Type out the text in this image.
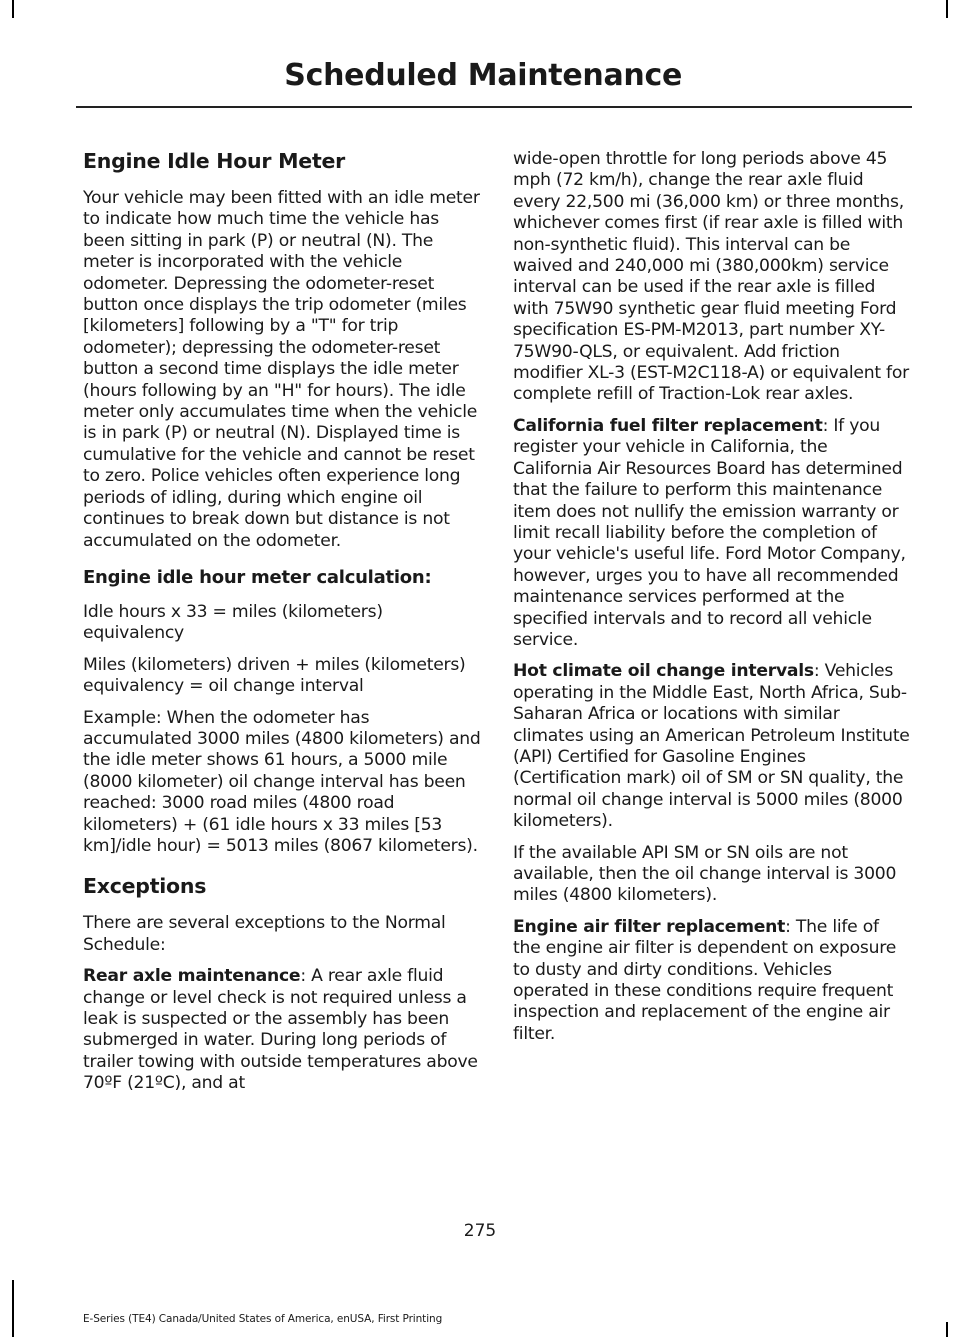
Scheduled Maintenance
Engine Idle Hour Meter

Your vehicle may been fitted with an idle meter to indicate how much time the vehicle has been sitting in park (P) or neutral (N). The meter is incorporated with the vehicle odometer. Depressing the odometer-reset button once displays the trip odometer (miles [kilometers] following by a "T" for trip odometer); depressing the odometer-reset button a second time displays the idle meter (hours following by an "H" for hours). The idle meter only accumulates time when the vehicle is in park (P) or neutral (N). Displayed time is cumulative for the vehicle and cannot be reset to zero. Police vehicles often experience long periods of idling, during which engine oil continues to break down but distance is not accumulated on the odometer.

Engine idle hour meter calculation:

Idle hours x 33 = miles (kilometers) equivalency

Miles (kilometers) driven + miles (kilometers) equivalency = oil change interval

Example: When the odometer has accumulated 3000 miles (4800 kilometers) and the idle meter shows 61 hours, a 5000 mile (8000 kilometer) oil change interval has been reached: 3000 road miles (4800 road kilometers) + (61 idle hours x 33 miles [53 km]/idle hour) = 5013 miles (8067 kilometers).

Exceptions

There are several exceptions to the Normal Schedule:

Rear axle maintenance: A rear axle fluid change or level check is not required unless a leak is suspected or the assembly has been submerged in water. During long periods of trailer towing with outside temperatures above 70ºF (21ºC), and at

wide-open throttle for long periods above 45 mph (72 km/h), change the rear axle fluid every 22,500 mi (36,000 km) or three months, whichever comes first (if rear axle is filled with non-synthetic fluid). This interval can be waived and 240,000 mi (380,000km) service interval can be used if the rear axle is filled with 75W90 synthetic gear fluid meeting Ford specification ES-PM-M2013, part number XY-75W90-QLS, or equivalent. Add friction modifier XL-3 (EST-M2C118-A) or equivalent for complete refill of Traction-Lok rear axles.

California fuel filter replacement: If you register your vehicle in California, the California Air Resources Board has determined that the failure to perform this maintenance item does not nullify the emission warranty or limit recall liability before the completion of your vehicle's useful life. Ford Motor Company, however, urges you to have all recommended maintenance services performed at the specified intervals and to record all vehicle service.

Hot climate oil change intervals: Vehicles operating in the Middle East, North Africa, Sub-Saharan Africa or locations with similar climates using an American Petroleum Institute (API) Certified for Gasoline Engines (Certification mark) oil of SM or SN quality, the normal oil change interval is 5000 miles (8000 kilometers).

If the available API SM or SN oils are not available, then the oil change interval is 3000 miles (4800 kilometers).

Engine air filter replacement: The life of the engine air filter is dependent on exposure to dusty and dirty conditions. Vehicles operated in these conditions require frequent inspection and replacement of the engine air filter.

275
E-Series (TE4) Canada/United States of America, enUSA, First Printing
